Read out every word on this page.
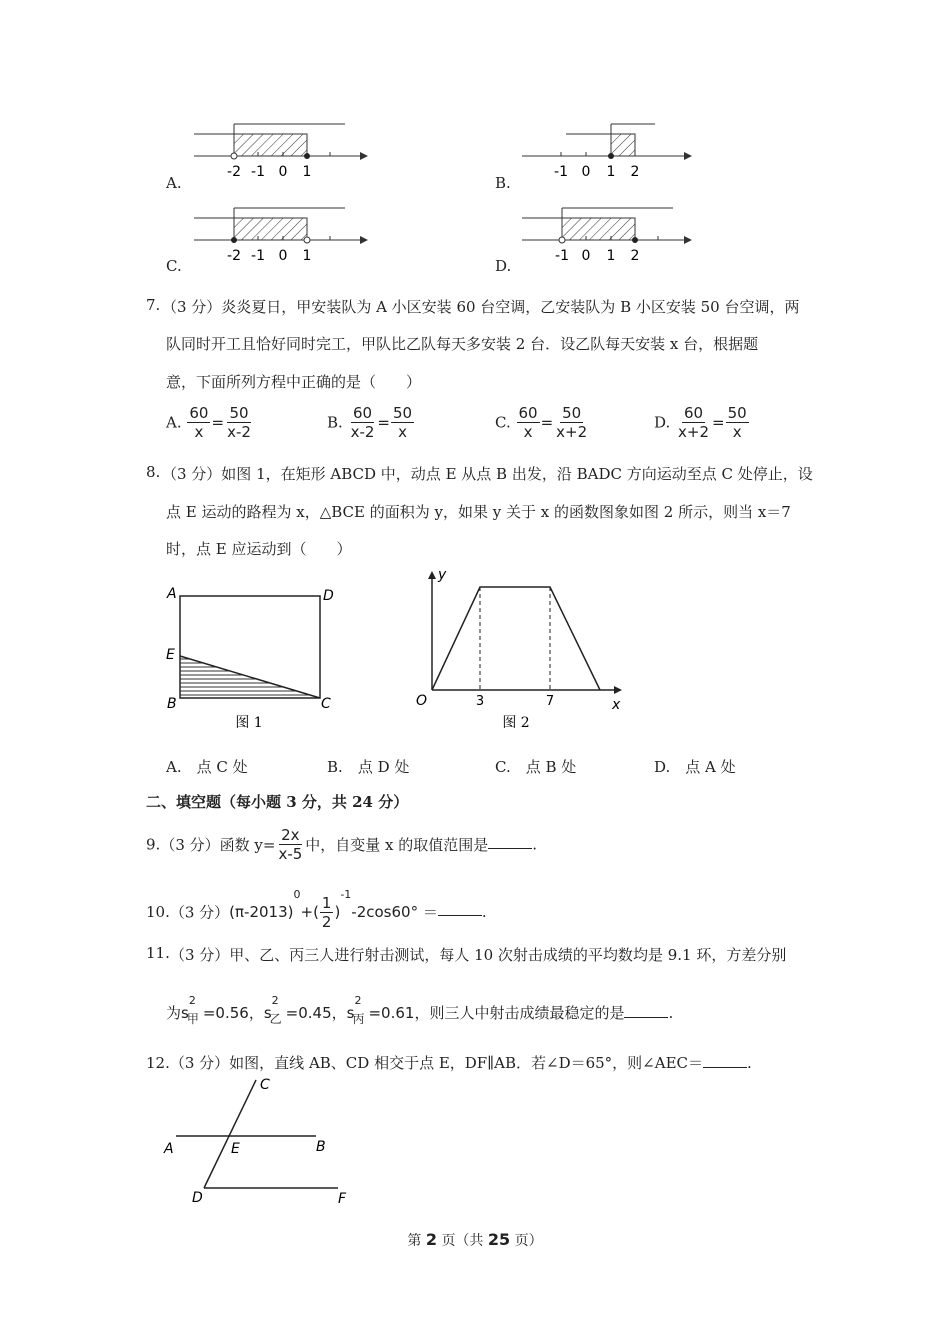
A.
-2 -1 0 1
B.
-1 0 1 2
C.
-2 -1 0 1
D.
-1 0 1 2
7. （3 分）炎炎夏日，甲安装队为 A 小区安装 60 台空调，乙安装队为 B 小区安装 50 台空调，两
队同时开工且恰好同时完工，甲队比乙队每天多安装 2 台．设乙队每天安装 x 台，根据题
意，下面所列方程中正确的是（　　）
A. $\frac{60}{x} = \frac{50}{x-2}$	B. $\frac{60}{x-2} = \frac{50}{x}$	C. $\frac{60}{x} = \frac{50}{x+2}$	D. $\frac{60}{x+2} = \frac{50}{x}$
8. （3 分）如图 1，在矩形 ABCD 中，动点 E 从点 B 出发，沿 BADC 方向运动至点 C 处停止，设
点 E 运动的路程为 x，△BCE 的面积为 y，如果 y 关于 x 的函数图象如图 2 所示，则当 x＝7
时，点 E 应运动到（　　）
A	D
E
B	C
图 1
y
O	3	7	x
图 2
A.　 点 C 处	B.　 点 D 处	C.　 点 B 处	D.　 点 A 处
二、填空题（每小题 3 分，共 24 分）
9.（3 分）函数 $y= \frac{2x}{x-5}$ 中，自变量 x 的取值范围是	.
10.（3 分）$(\pi-2013)^0+( \frac{1}{2} )^{-1}-2\cos 60^\circ$ ＝	.
11. （3 分）甲、乙、丙三人进行射击测试，每人 10 次射击成绩的平均数均是 9.1 环，方差分别
为s
2
甲 =0.56，s
2
乙 =0.45，s
2
丙 =0.61，则三人中射击成绩最稳定的是	.
12.（3 分）如图，直线 AB、CD 相交于点 E，DF∥AB．若∠D＝65°，则∠AEC＝	.
C
A	E	B
D	F
第 2 页（共 25 页）
